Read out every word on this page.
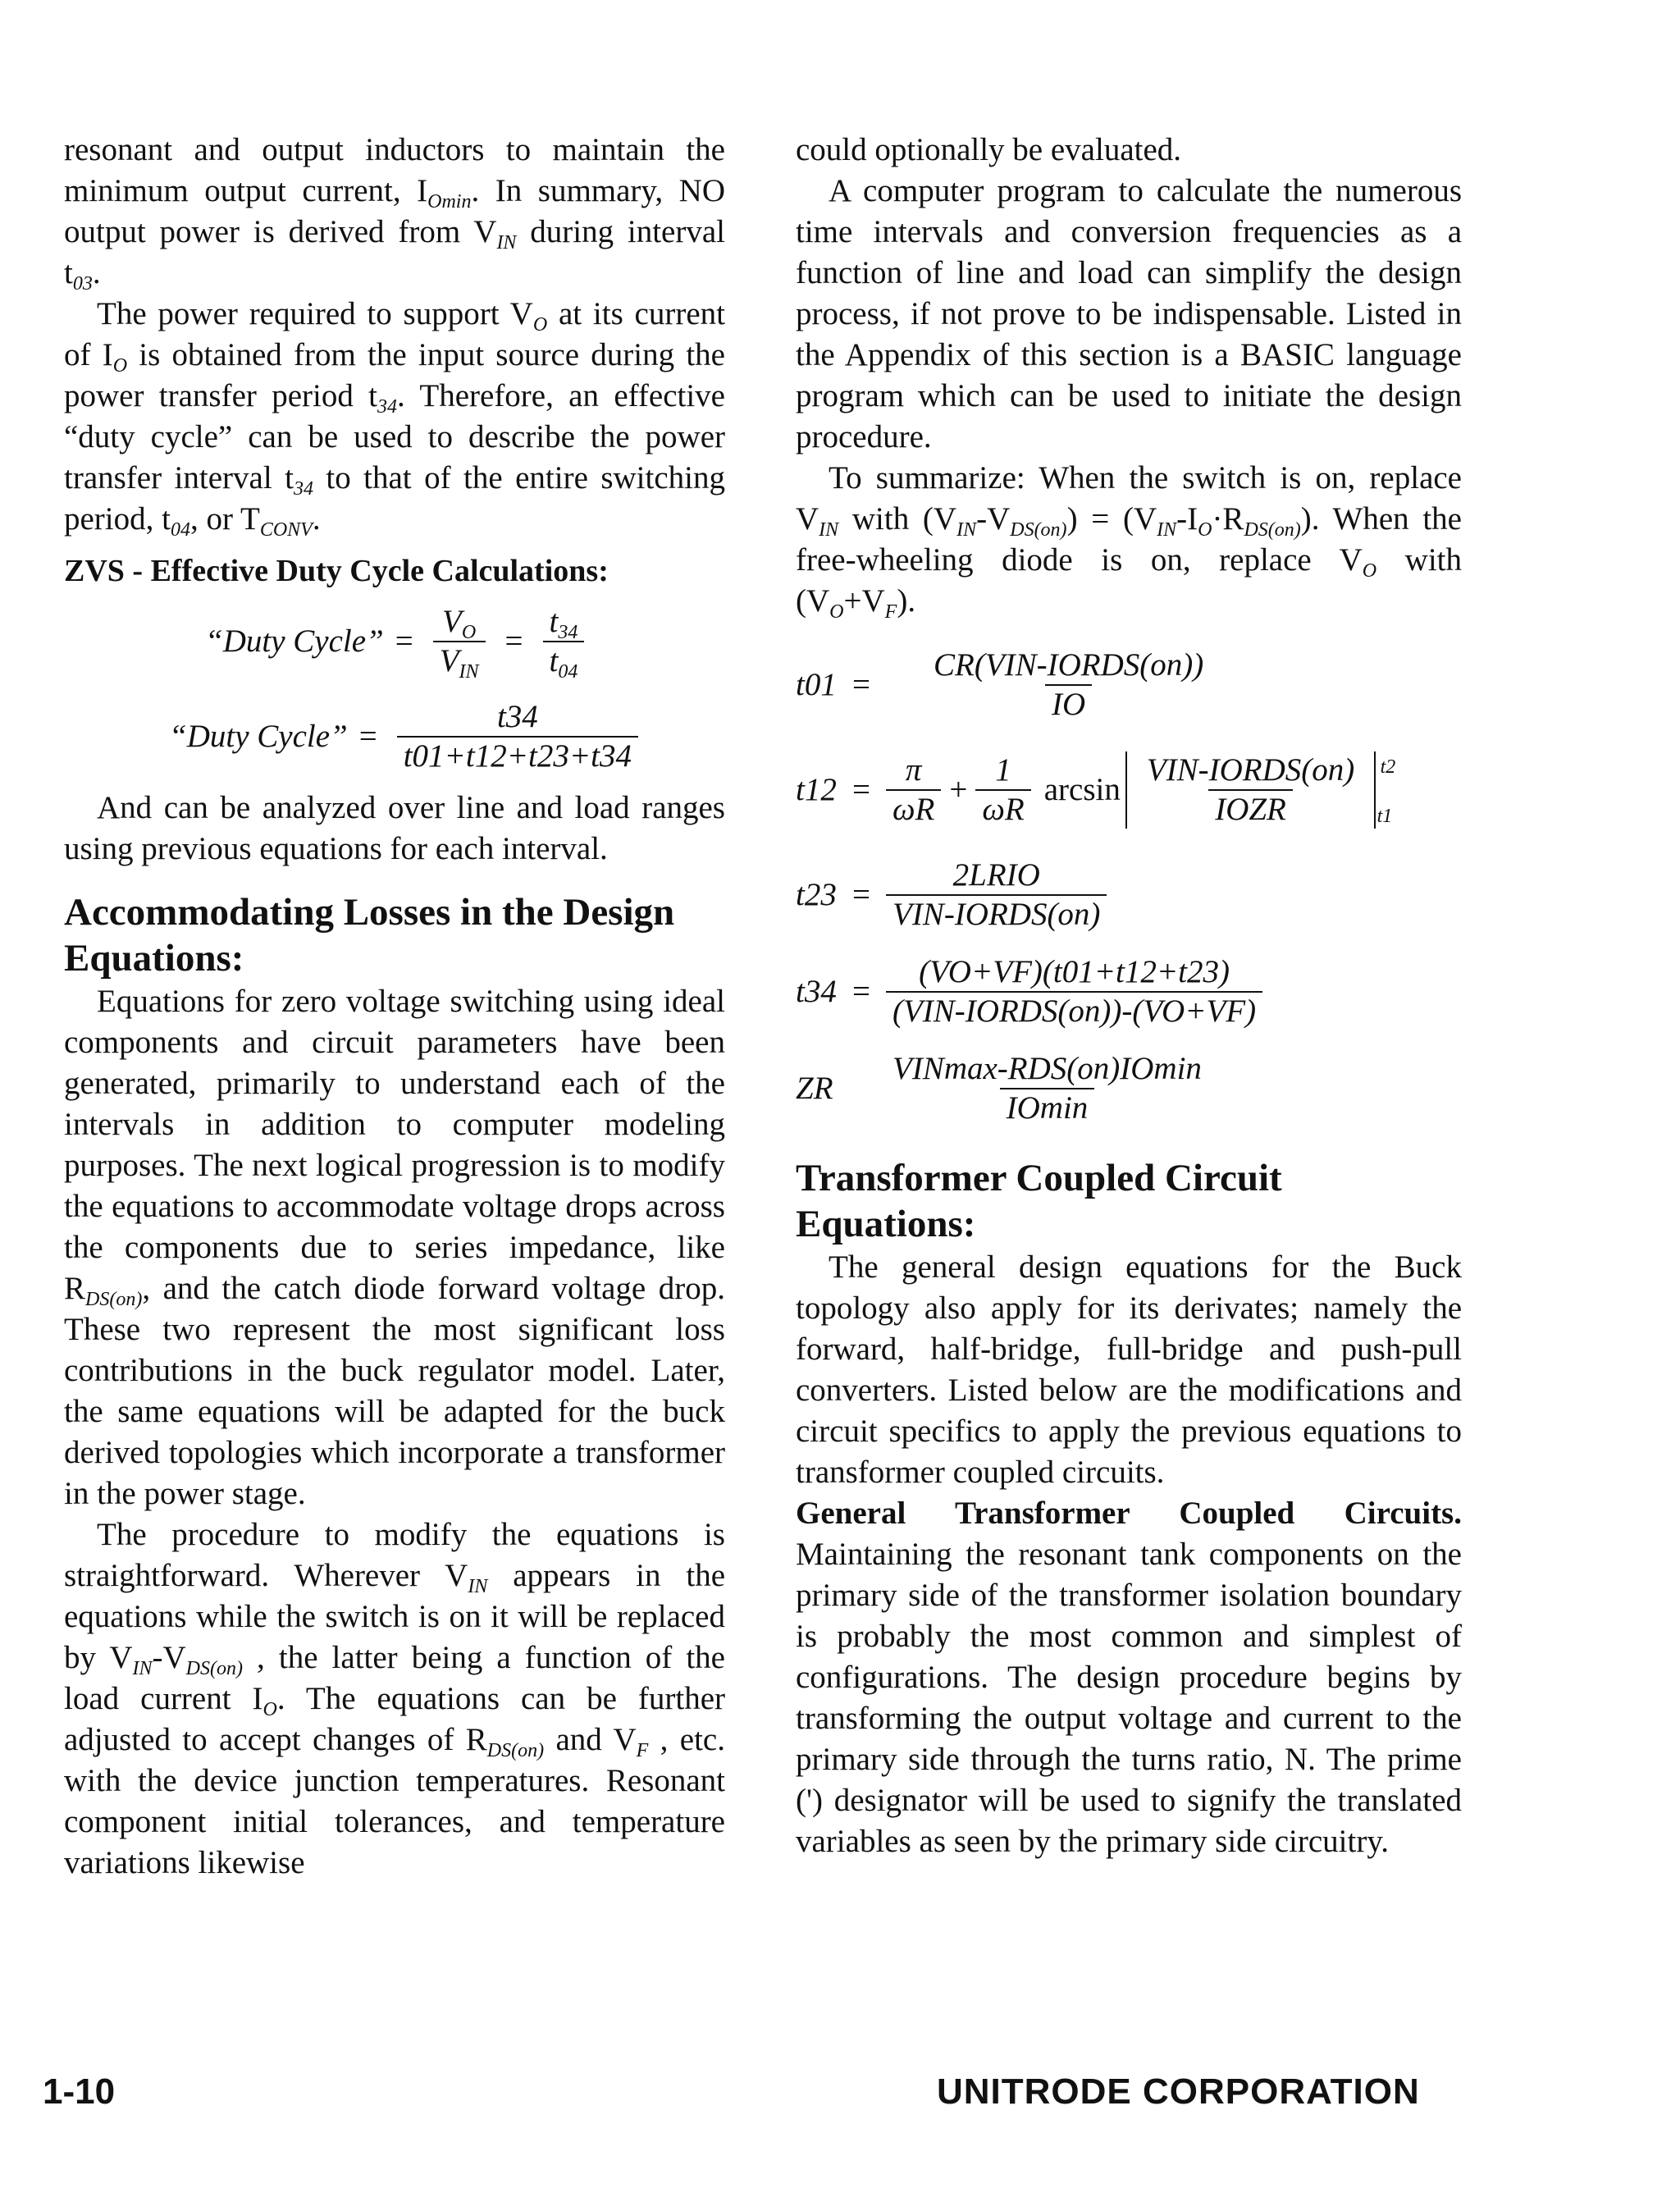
resonant and output inductors to maintain the minimum output current, $I_{Omin}$. In summary, NO output power is derived from $V_{IN}$ during interval $t_{03}$.

The power required to support $V_O$ at its current of $I_O$ is obtained from the input source during the power transfer period $t_{34}$. Therefore, an effective “duty cycle” can be used to describe the power transfer interval $t_{34}$ to that of the entire switching period, $t_{04}$, or $T_{CONV}$.

ZVS - Effective Duty Cycle Calculations:
“Duty Cycle” = $\frac{V_O}{V_{IN}} = \frac{t_{34}}{t_{04}}$
“Duty Cycle” = $\frac{t34}{t01+t12+t23+t34}$

And can be analyzed over line and load ranges using previous equations for each interval.

Accommodating Losses in the Design Equations:

Equations for zero voltage switching using ideal components and circuit parameters have been generated, primarily to understand each of the intervals in addition to computer modeling purposes. The next logical progression is to modify the equations to accommodate voltage drops across the components due to series impedance, like $R_{DS(on)}$, and the catch diode forward voltage drop. These two represent the most significant loss contributions in the buck regulator model. Later, the same equations will be adapted for the buck derived topologies which incorporate a transformer in the power stage.

The procedure to modify the equations is straightforward. Wherever $V_{IN}$ appears in the equations while the switch is on it will be replaced by $V_{IN}-V_{DS(on)}$ , the latter being a function of the load current $I_O$. The equations can be further adjusted to accept changes of $R_{DS(on)}$ and $V_F$ , etc. with the device junction temperatures. Resonant component initial tolerances, and temperature variations likewise

could optionally be evaluated.

A computer program to calculate the numerous time intervals and conversion frequencies as a function of line and load can simplify the design process, if not prove to be indispensable. Listed in the Appendix of this section is a BASIC language program which can be used to initiate the design procedure.

To summarize: When the switch is on, replace $V_{IN}$ with $(V_{IN}-V_{DS(on)}) = (V_{IN}-I_O\cdot R_{DS(on)})$. When the free-wheeling diode is on, replace $V_O$ with $(V_O+V_F)$.

$t01 = \frac{\text{CR(VIN-IORDS(on))}}{IO}$
$t12 = \frac{\pi}{\omega R} + \frac{1}{\omega R}$ $\arcsin \frac{\text{VIN-IORDS(on)}}{\text{IOZR}} t2$
t1
$t23 = \frac{\text{2LRIO}}{\text{VIN-IORDS(on)}}$
$t34 = \frac{(VO+VF)(t01+t12+t23)}{\text{(VIN-IORDS(on))-(VO+VF)}}$
ZR	$\frac{\text{VINmax-RDS(on)IOmin}}{IOmin}$
Transformer Coupled Circuit Equations:

The general design equations for the Buck topology also apply for its derivates; namely the forward, half-bridge, full-bridge and push-pull converters. Listed below are the modifications and circuit specifics to apply the previous equations to transformer coupled circuits.

General Transformer Coupled Circuits. Maintaining the resonant tank components on the primary side of the transformer isolation boundary is probably the most common and simplest of configurations. The design procedure begins by transforming the output voltage and current to the primary side through the turns ratio, N. The prime (') designator will be used to signify the translated variables as seen by the primary side circuitry.

1-10	UNITRODE CORPORATION
